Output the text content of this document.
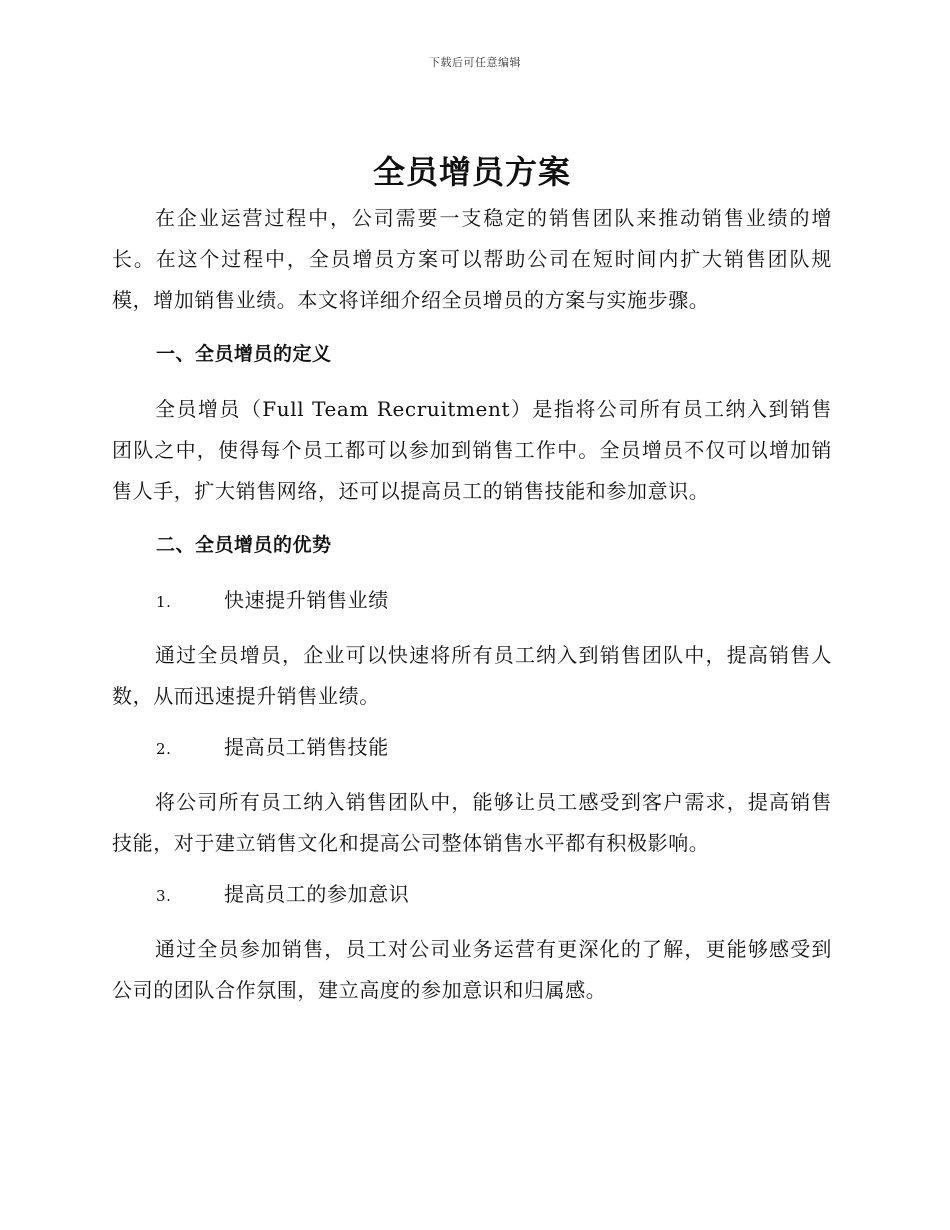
下载后可任意编辑
全员增员方案

在企业运营过程中，公司需要一支稳定的销售团队来推动销售业绩的增长。在这个过程中，全员增员方案可以帮助公司在短时间内扩大销售团队规模，增加销售业绩。本文将详细介绍全员增员的方案与实施步骤。

一、全员增员的定义

全员增员（Full Team Recruitment）是指将公司所有员工纳入到销售团队之中，使得每个员工都可以参加到销售工作中。全员增员不仅可以增加销售人手，扩大销售网络，还可以提高员工的销售技能和参加意识。

二、全员增员的优势
1.	快速提升销售业绩

通过全员增员，企业可以快速将所有员工纳入到销售团队中，提高销售人数，从而迅速提升销售业绩。

2.	提高员工销售技能

将公司所有员工纳入销售团队中，能够让员工感受到客户需求，提高销售技能，对于建立销售文化和提高公司整体销售水平都有积极影响。

3.	提高员工的参加意识

通过全员参加销售，员工对公司业务运营有更深化的了解，更能够感受到公司的团队合作氛围，建立高度的参加意识和归属感。
